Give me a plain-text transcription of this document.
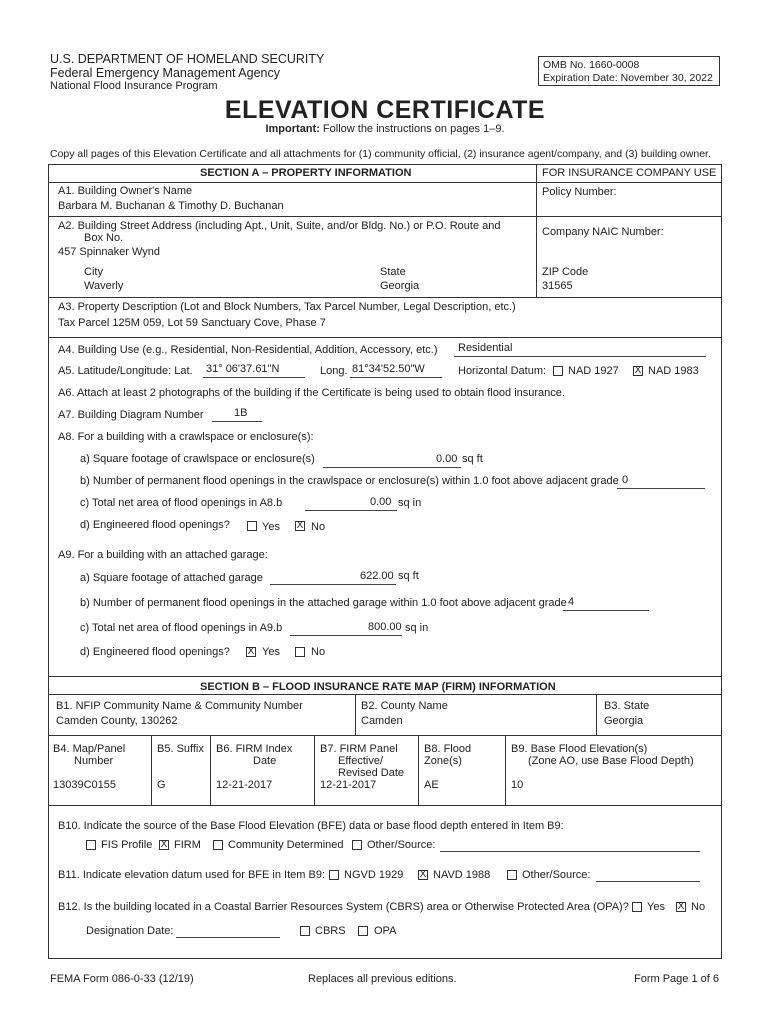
U.S. DEPARTMENT OF HOMELAND SECURITY
Federal Emergency Management Agency
National Flood Insurance Program
OMB No. 1660-0008
Expiration Date: November 30, 2022
ELEVATION CERTIFICATE
Important: Follow the instructions on pages 1–9.
Copy all pages of this Elevation Certificate and all attachments for (1) community official, (2) insurance agent/company, and (3) building owner.
SECTION A – PROPERTY INFORMATION	FOR INSURANCE COMPANY USE
Policy Number:
Company NAIC Number:
A1. Building Owner's Name
Barbara M. Buchanan & Timothy D. Buchanan
A2. Building Street Address (including Apt., Unit, Suite, and/or Bldg. No.) or P.O. Route and
Box No.
457 Spinnaker Wynd
City
Waverly
State
Georgia
ZIP Code
31565
A3. Property Description (Lot and Block Numbers, Tax Parcel Number, Legal Description, etc.)
Tax Parcel 125M 059, Lot 59 Sanctuary Cove, Phase 7
A4. Building Use (e.g., Residential, Non-Residential, Addition, Accessory, etc.) Residential
A5. Latitude/Longitude: Lat. 31° 06'37.61"N	Long. 81°34'52.50"W	Horizontal Datum: NAD 1927 X NAD 1983
A6. Attach at least 2 photographs of the building if the Certificate is being used to obtain flood insurance.
A7. Building Diagram Number	1B
A8. For a building with a crawlspace or enclosure(s):
a) Square footage of crawlspace or enclosure(s)	0.00 sq ft
b) Number of permanent flood openings in the crawlspace or enclosure(s) within 1.0 foot above adjacent grade 0
c) Total net area of flood openings in A8.b	0.00 sq in
d) Engineered flood openings?	Yes X No
A9. For a building with an attached garage:
a) Square footage of attached garage	622.00 sq ft
b) Number of permanent flood openings in the attached garage within 1.0 foot above adjacent grade 4
c) Total net area of flood openings in A9.b	800.00 sq in
d) Engineered flood openings? X Yes	No
SECTION B – FLOOD INSURANCE RATE MAP (FIRM) INFORMATION
B1. NFIP Community Name & Community Number
Camden County, 130262
B2. County Name
Camden
B3. State
Georgia
B4. Map/Panel
Number
13039C0155
B5. Suffix
G
B6. FIRM Index
Date
12-21-2017
B7. FIRM Panel
Effective/
Revised Date
12-21-2017
B8. Flood
Zone(s)
AE
B9. Base Flood Elevation(s)
(Zone AO, use Base Flood Depth)
10
B10. Indicate the source of the Base Flood Elevation (BFE) data or base flood depth entered in Item B9:
FIS Profile X FIRM Community Determined Other/Source:
B11. Indicate elevation datum used for BFE in Item B9: NGVD 1929 X NAVD 1988	Other/Source:
B12. Is the building located in a Coastal Barrier Resources System (CBRS) area or Otherwise Protected Area (OPA)? Yes X No
Designation Date:	CBRS	OPA
FEMA Form 086-0-33 (12/19)	Replaces all previous editions.	Form Page 1 of 6
